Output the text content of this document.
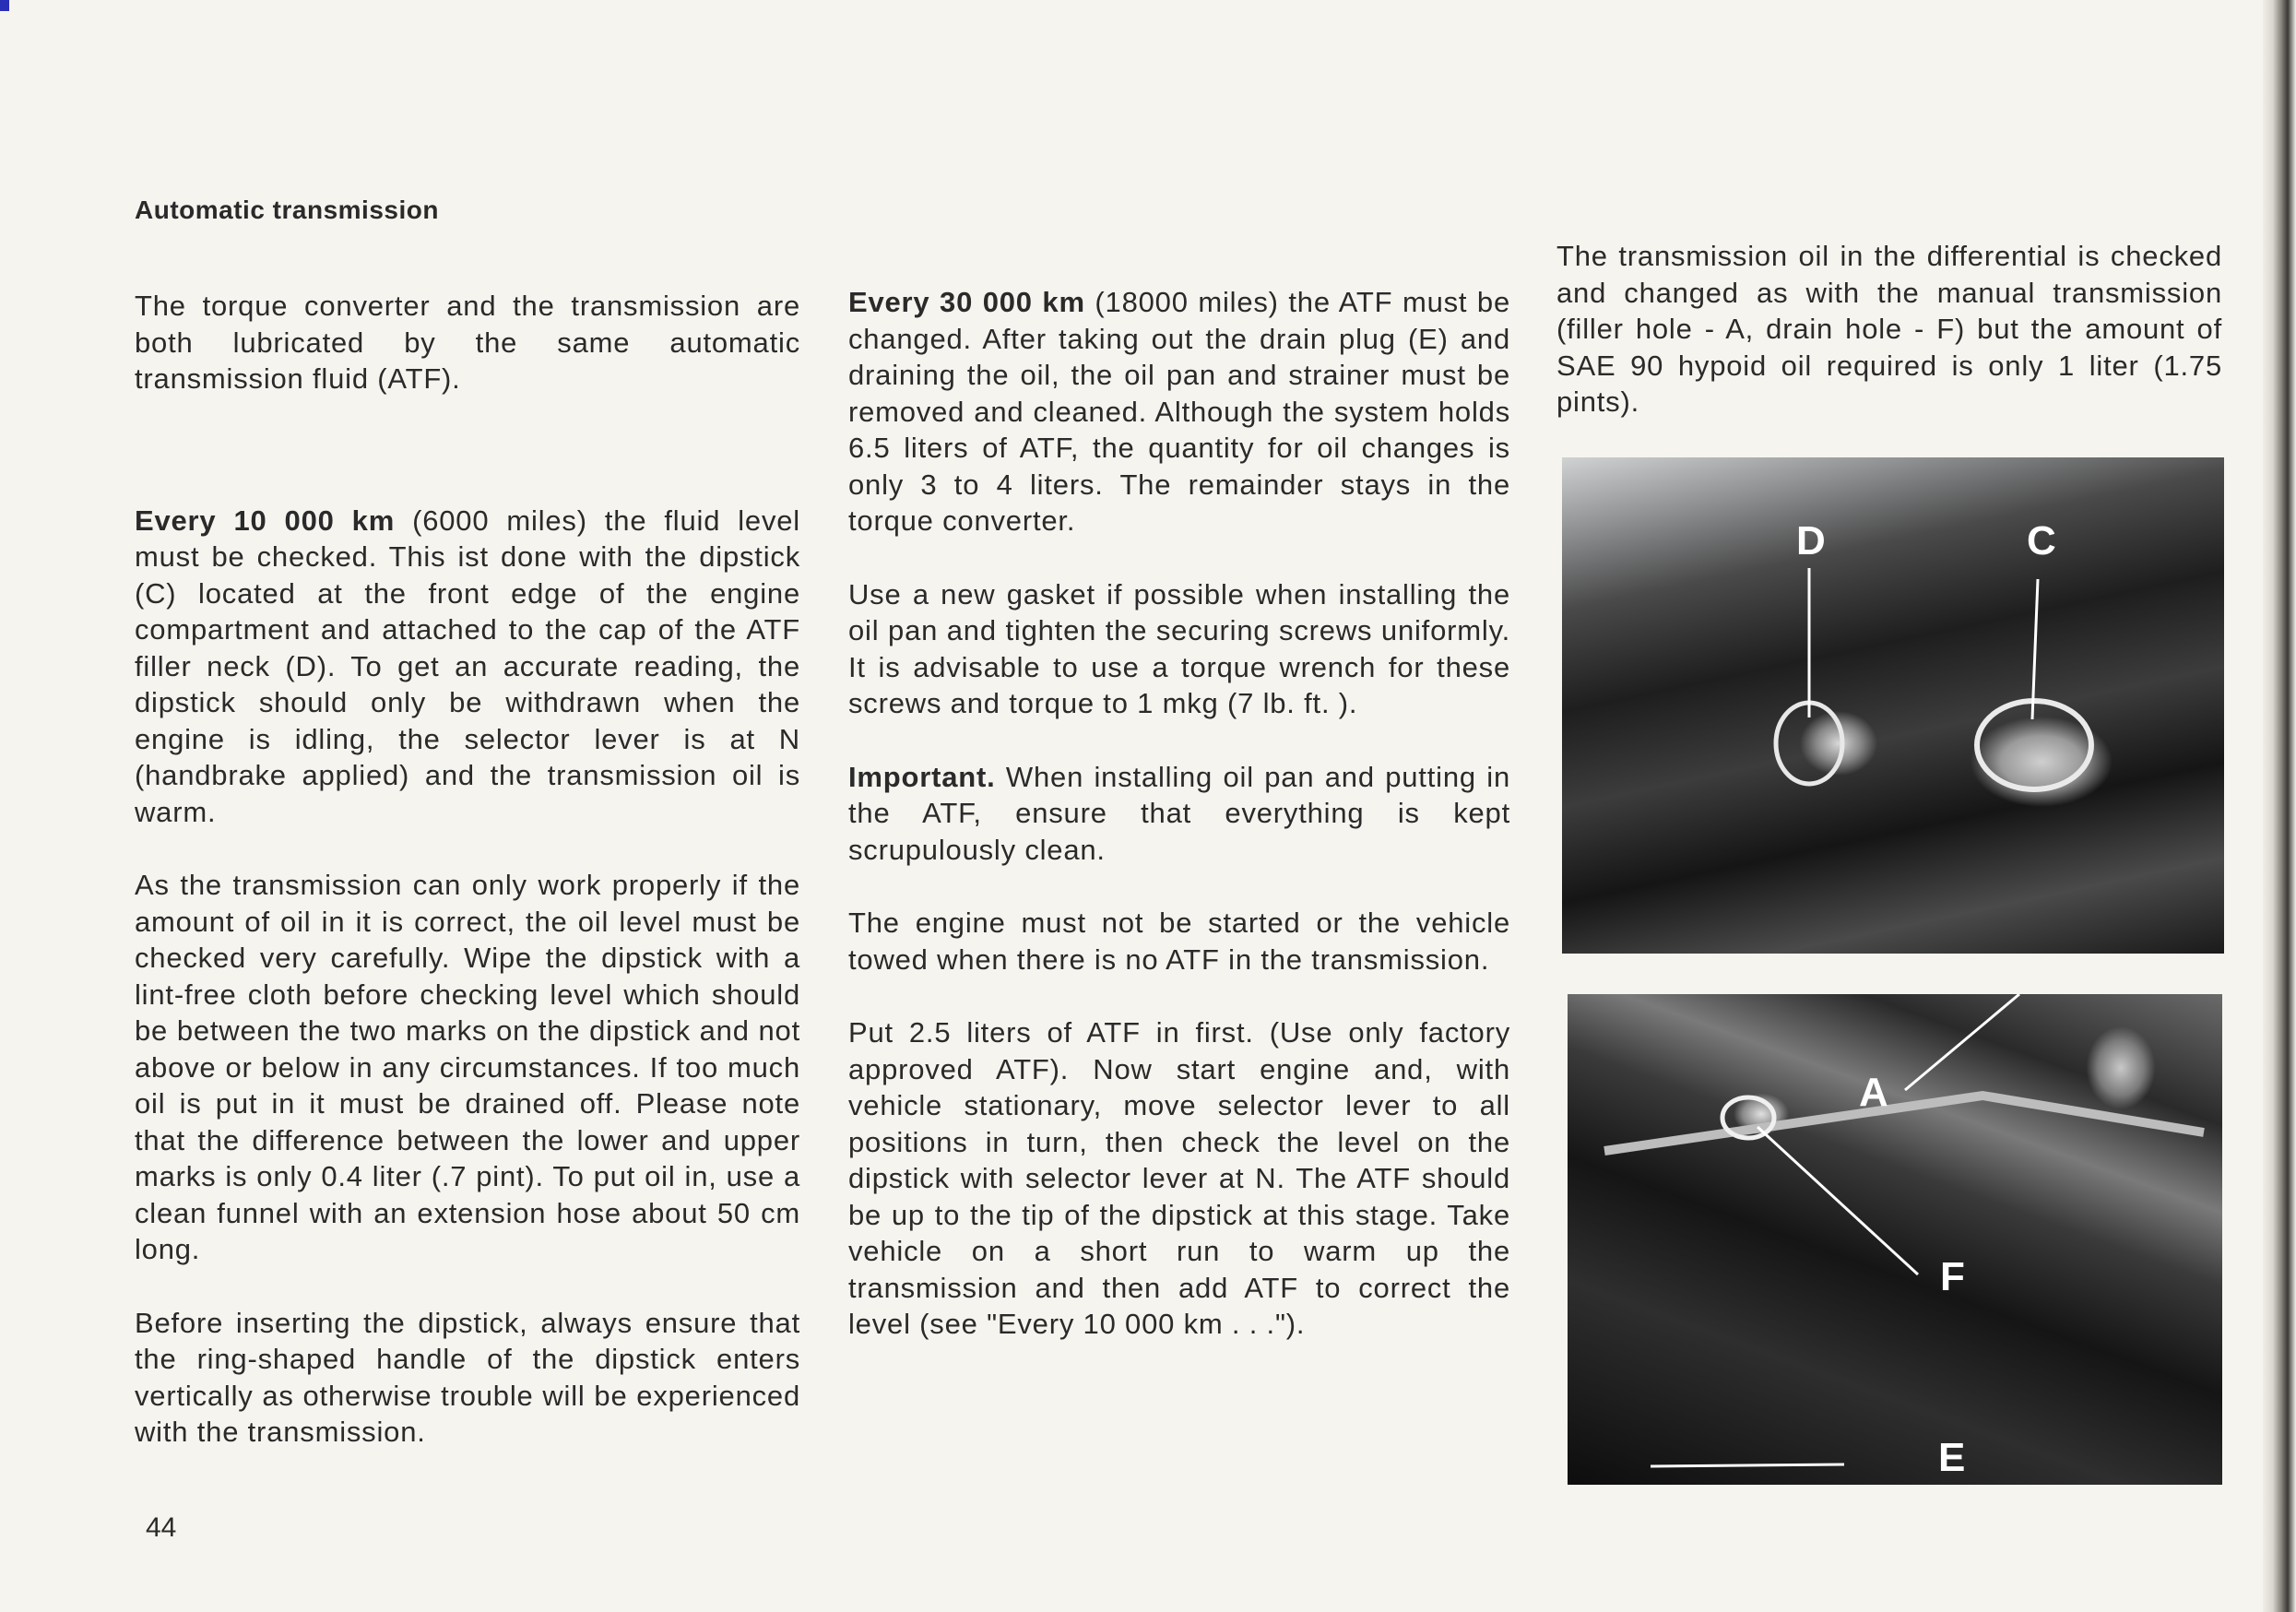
Automatic transmission

The torque converter and the transmission are both lubricated by the same automatic transmission fluid (ATF).

Every 10 000 km (6000 miles) the fluid level must be checked. This ist done with the dipstick (C) located at the front edge of the engine compartment and attached to the cap of the ATF filler neck (D). To get an accurate reading, the dipstick should only be withdrawn when the engine is idling, the selector lever is at N (handbrake applied) and the transmission oil is warm.

As the transmission can only work properly if the amount of oil in it is correct, the oil level must be checked very carefully. Wipe the dipstick with a lint-free cloth before checking level which should be between the two marks on the dipstick and not above or below in any circumstances. If too much oil is put in it must be drained off. Please note that the difference between the lower and upper marks is only 0.4 liter (.7 pint). To put oil in, use a clean funnel with an extension hose about 50 cm long.

Before inserting the dipstick, always ensure that the ring-shaped handle of the dipstick enters vertically as otherwise trouble will be experienced with the transmission.

Every 30 000 km (18000 miles) the ATF must be changed. After taking out the drain plug (E) and draining the oil, the oil pan and strainer must be removed and cleaned. Although the system holds 6.5 liters of ATF, the quantity for oil changes is only 3 to 4 liters. The remainder stays in the torque converter.

Use a new gasket if possible when installing the oil pan and tighten the securing screws uniformly. It is advisable to use a torque wrench for these screws and torque to 1 mkg (7 lb. ft. ).

Important. When installing oil pan and putting in the ATF, ensure that everything is kept scrupulously clean.

The engine must not be started or the vehicle towed when there is no ATF in the transmission.

Put 2.5 liters of ATF in first. (Use only factory approved ATF). Now start engine and, with vehicle stationary, move selector lever to all positions in turn, then check the level on the dipstick with selector lever at N. The ATF should be up to the tip of the dipstick at this stage. Take vehicle on a short run to warm up the transmission and then add ATF to correct the level (see "Every 10 000 km . . .").

The transmission oil in the differential is checked and changed as with the manual transmission (filler hole - A, drain hole - F) but the amount of SAE 90 hypoid oil required is only 1 liter (1.75 pints).

D	C
A
F
E
44
